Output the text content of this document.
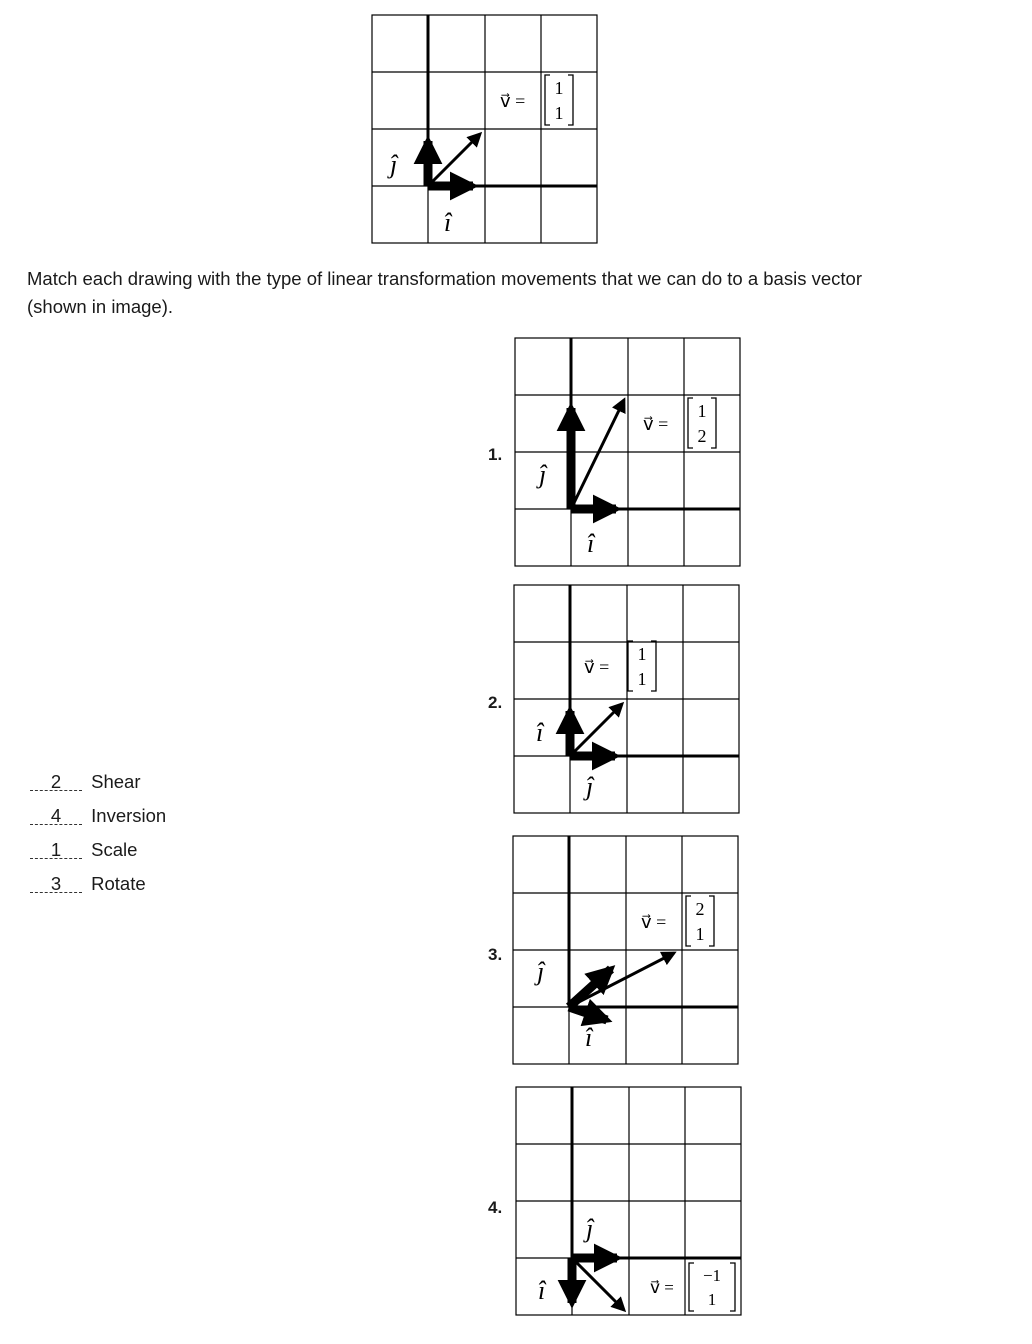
ĵ
î
v⃗ =
1
1

Match each drawing with the type of linear transformation movements that we can do to a basis vector (shown in image).

1.
ĵ
î
v⃗ =
1
2
2.
î
ĵ
v⃗ =
1
1
3.
ĵ
î
v⃗ =
2
1
4.
ĵ
î	v⃗ =
−1
1
2 Shear
4 Inversion
1 Scale
3 Rotate
